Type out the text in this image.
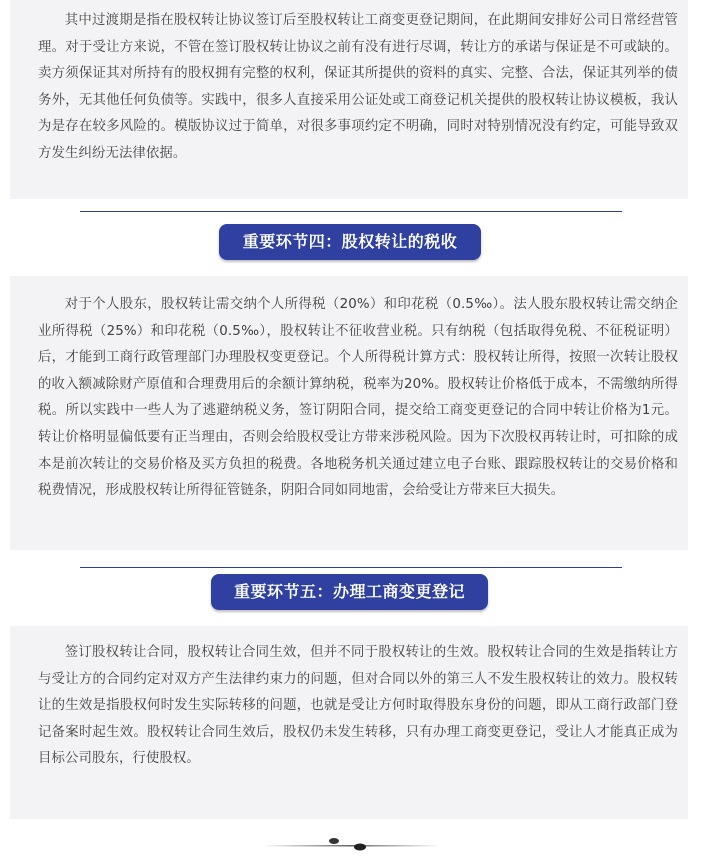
其中过渡期是指在股权转让协议签订后至股权转让工商变更登记期间，在此期间安排好公司日常经营管理。对于受让方来说，不管在签订股权转让协议之前有没有进行尽调，转让方的承诺与保证是不可或缺的。卖方须保证其对所持有的股权拥有完整的权利，保证其所提供的资料的真实、完整、合法，保证其列举的债务外，无其他任何负债等。实践中，很多人直接采用公证处或工商登记机关提供的股权转让协议模板，我认为是存在较多风险的。模版协议过于简单，对很多事项约定不明确，同时对特别情况没有约定，可能导致双方发生纠纷无法律依据。

重要环节四：股权转让的税收

对于个人股东，股权转让需交纳个人所得税（20%）和印花税（0.5‰）。法人股东股权转让需交纳企业所得税（25%）和印花税（0.5‰），股权转让不征收营业税。只有纳税（包括取得免税、不征税证明）后，才能到工商行政管理部门办理股权变更登记。个人所得税计算方式：股权转让所得，按照一次转让股权的收入额减除财产原值和合理费用后的余额计算纳税，税率为20%。股权转让价格低于成本，不需缴纳所得税。所以实践中一些人为了逃避纳税义务，签订阴阳合同，提交给工商变更登记的合同中转让价格为1元。转让价格明显偏低要有正当理由，否则会给股权受让方带来涉税风险。因为下次股权再转让时，可扣除的成本是前次转让的交易价格及买方负担的税费。各地税务机关通过建立电子台账、跟踪股权转让的交易价格和税费情况，形成股权转让所得征管链条，阴阳合同如同地雷，会给受让方带来巨大损失。

重要环节五：办理工商变更登记

签订股权转让合同，股权转让合同生效，但并不同于股权转让的生效。股权转让合同的生效是指转让方与受让方的合同约定对双方产生法律约束力的问题，但对合同以外的第三人不发生股权转让的效力。股权转让的生效是指股权何时发生实际转移的问题，也就是受让方何时取得股东身份的问题，即从工商行政部门登记备案时起生效。股权转让合同生效后，股权仍未发生转移，只有办理工商变更登记，受让人才能真正成为目标公司股东，行使股权。
